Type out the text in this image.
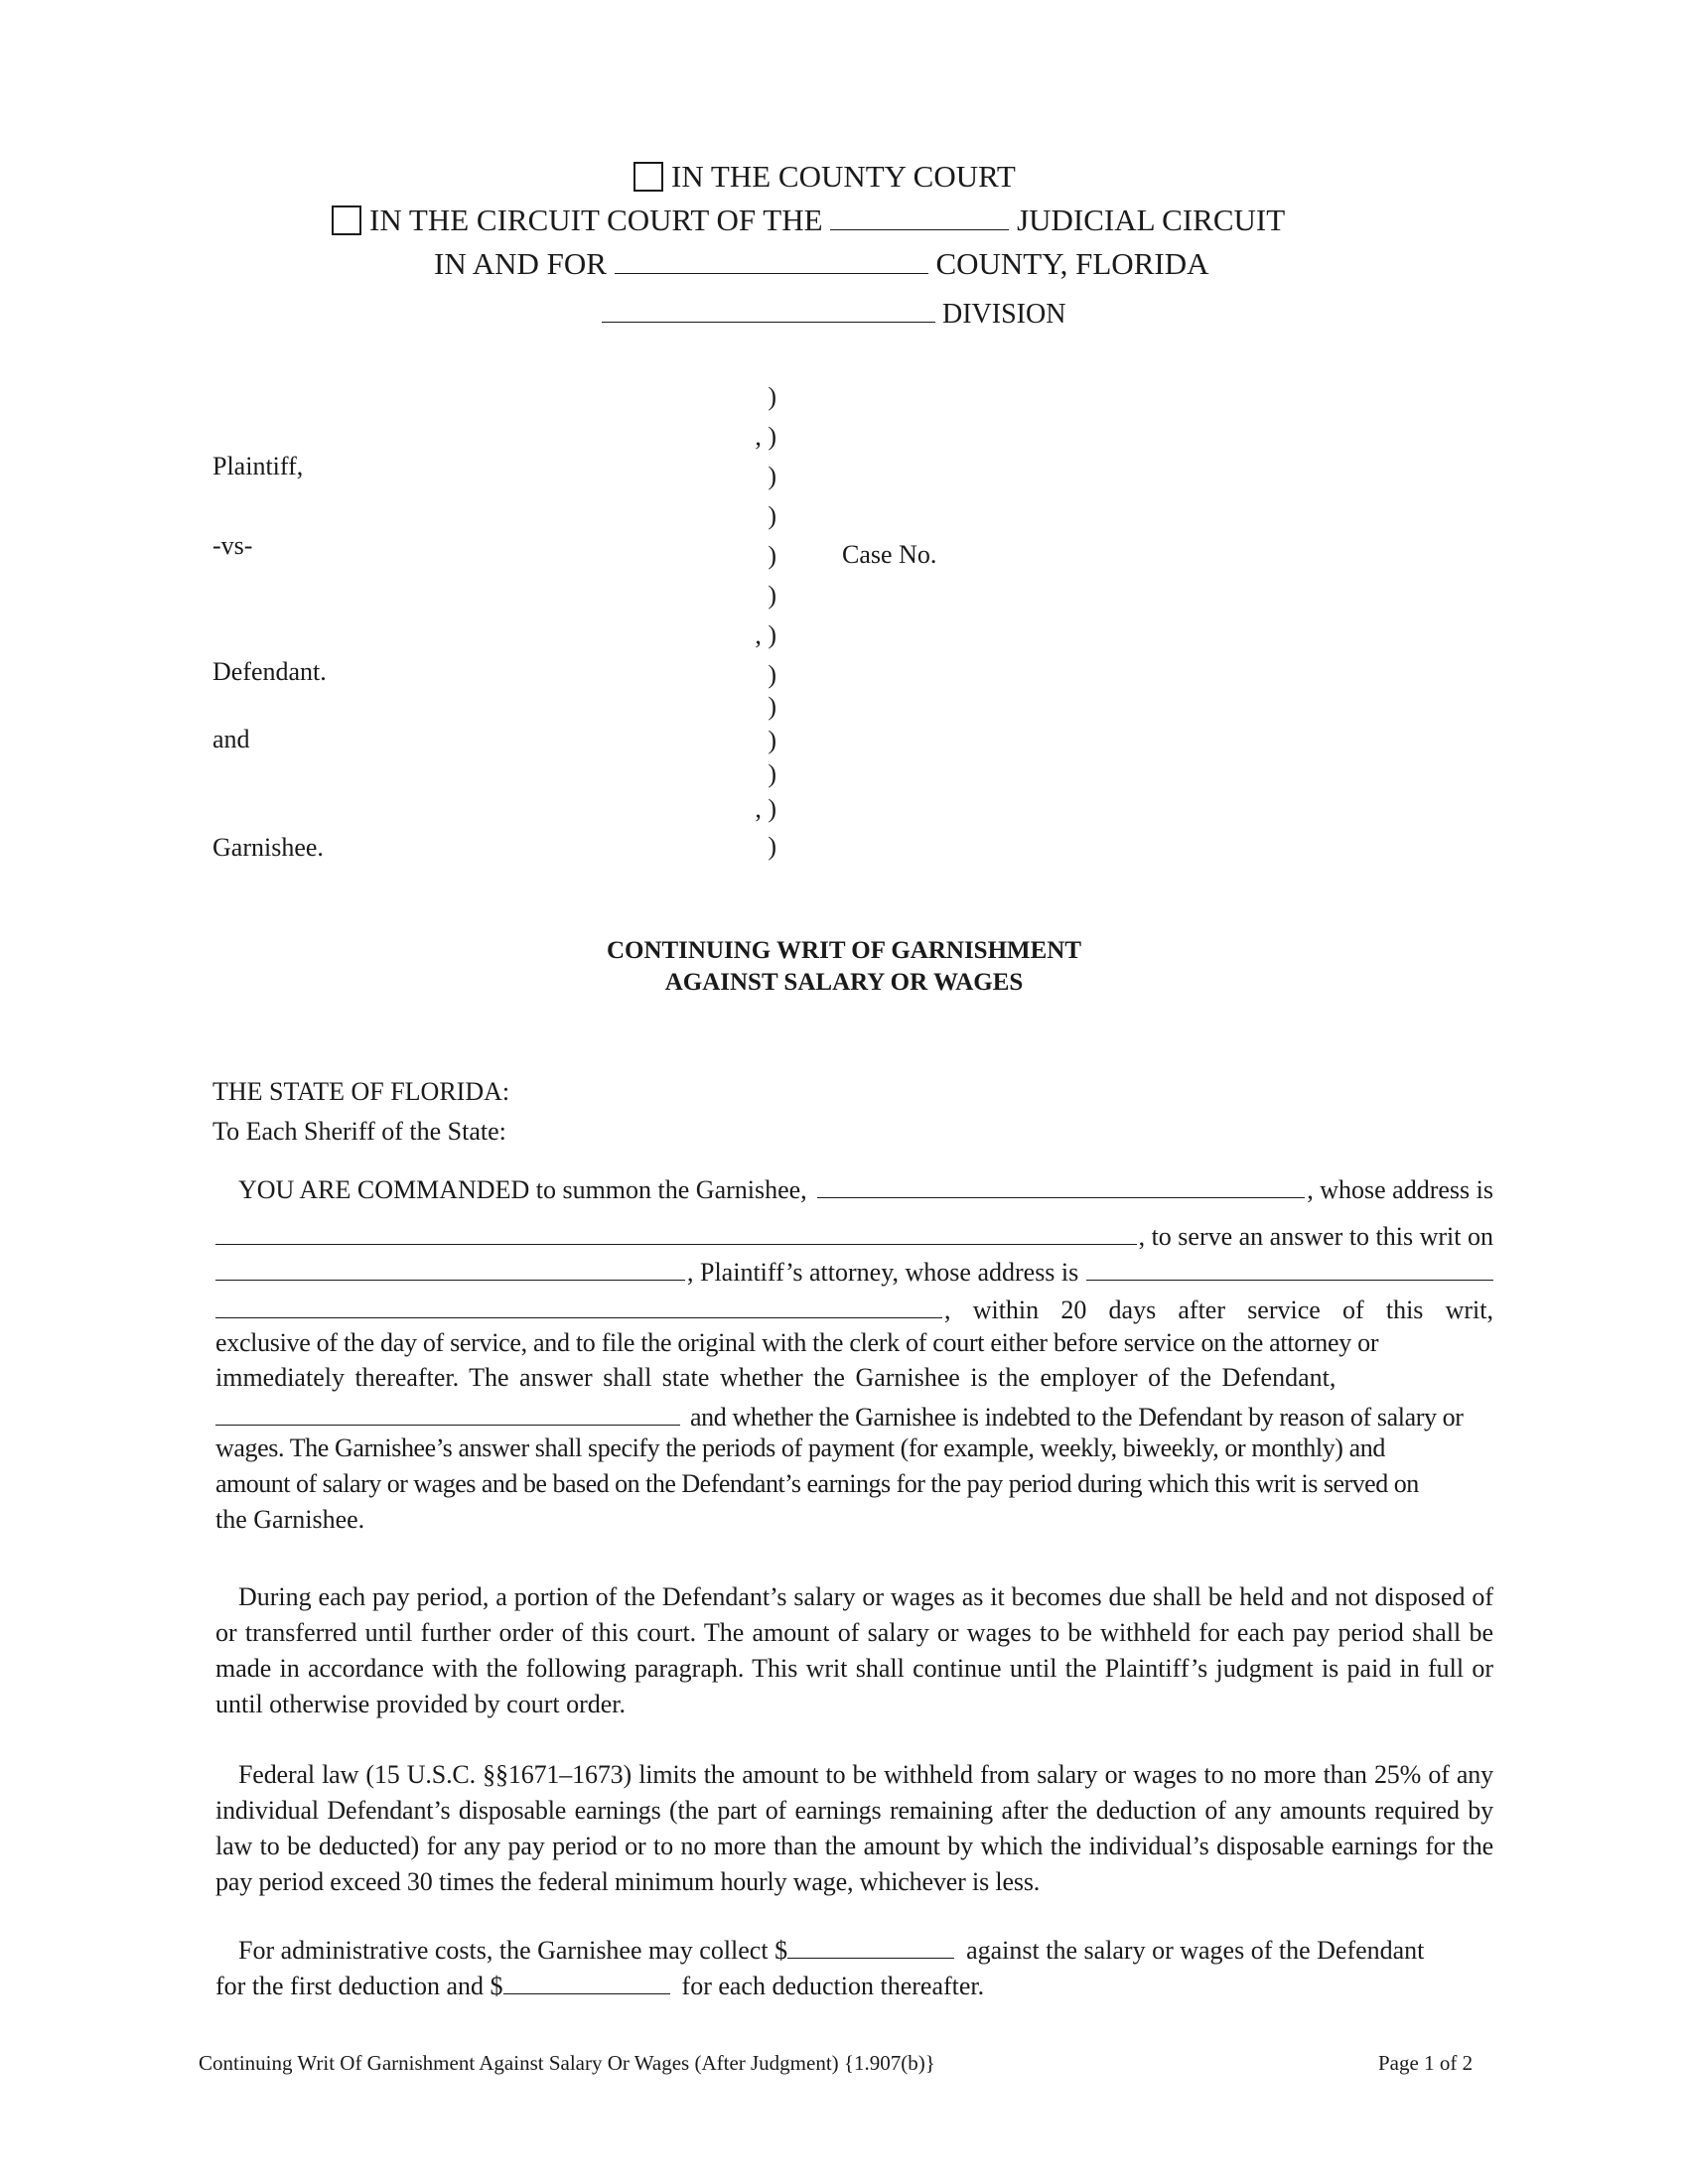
IN THE COUNTY COURT
IN THE CIRCUIT COURT OF THE	JUDICIAL CIRCUIT
IN AND FOR	COUNTY, FLORIDA
DIVISION
Plaintiff,
-vs-
Defendant.
and
Garnishee.
Case No.
)
, )
)
)
)
)
, )
)
)
)
)
, )
)
CONTINUING WRIT OF GARNISHMENT
AGAINST SALARY OR WAGES
THE STATE OF FLORIDA:
To Each Sheriff of the State:
YOU ARE COMMANDED to summon the Garnishee,	, whose address is
, to serve an answer to this writ on
, Plaintiff’s attorney, whose address is
, within 20 days after service of this writ,
exclusive of the day of service, and to file the original with the clerk of court either before service on the attorney or
immediately thereafter. The answer shall state whether the Garnishee is the employer of the Defendant,
and whether the Garnishee is indebted to the Defendant by reason of salary or
wages. The Garnishee’s answer shall specify the periods of payment (for example, weekly, biweekly, or monthly) and
amount of salary or wages and be based on the Defendant’s earnings for the pay period during which this writ is served on
the Garnishee.
During each pay period, a portion of the Defendant’s salary or wages as it becomes due shall be held and not disposed of or transferred until further order of this court. The amount of salary or wages to be withheld for each pay period shall be made in accordance with the following paragraph. This writ shall continue until the Plaintiff’s judgment is paid in full or until otherwise provided by court order.
Federal law (15 U.S.C. §§1671–1673) limits the amount to be withheld from salary or wages to no more than 25% of any individual Defendant’s disposable earnings (the part of earnings remaining after the deduction of any amounts required by law to be deducted) for any pay period or to no more than the amount by which the individual’s disposable earnings for the pay period exceed 30 times the federal minimum hourly wage, whichever is less.
For administrative costs, the Garnishee may collect $	against the salary or wages of the Defendant
for the first deduction and $	for each deduction thereafter.
Continuing Writ Of Garnishment Against Salary Or Wages (After Judgment) {1.907(b)}	Page 1 of 2
